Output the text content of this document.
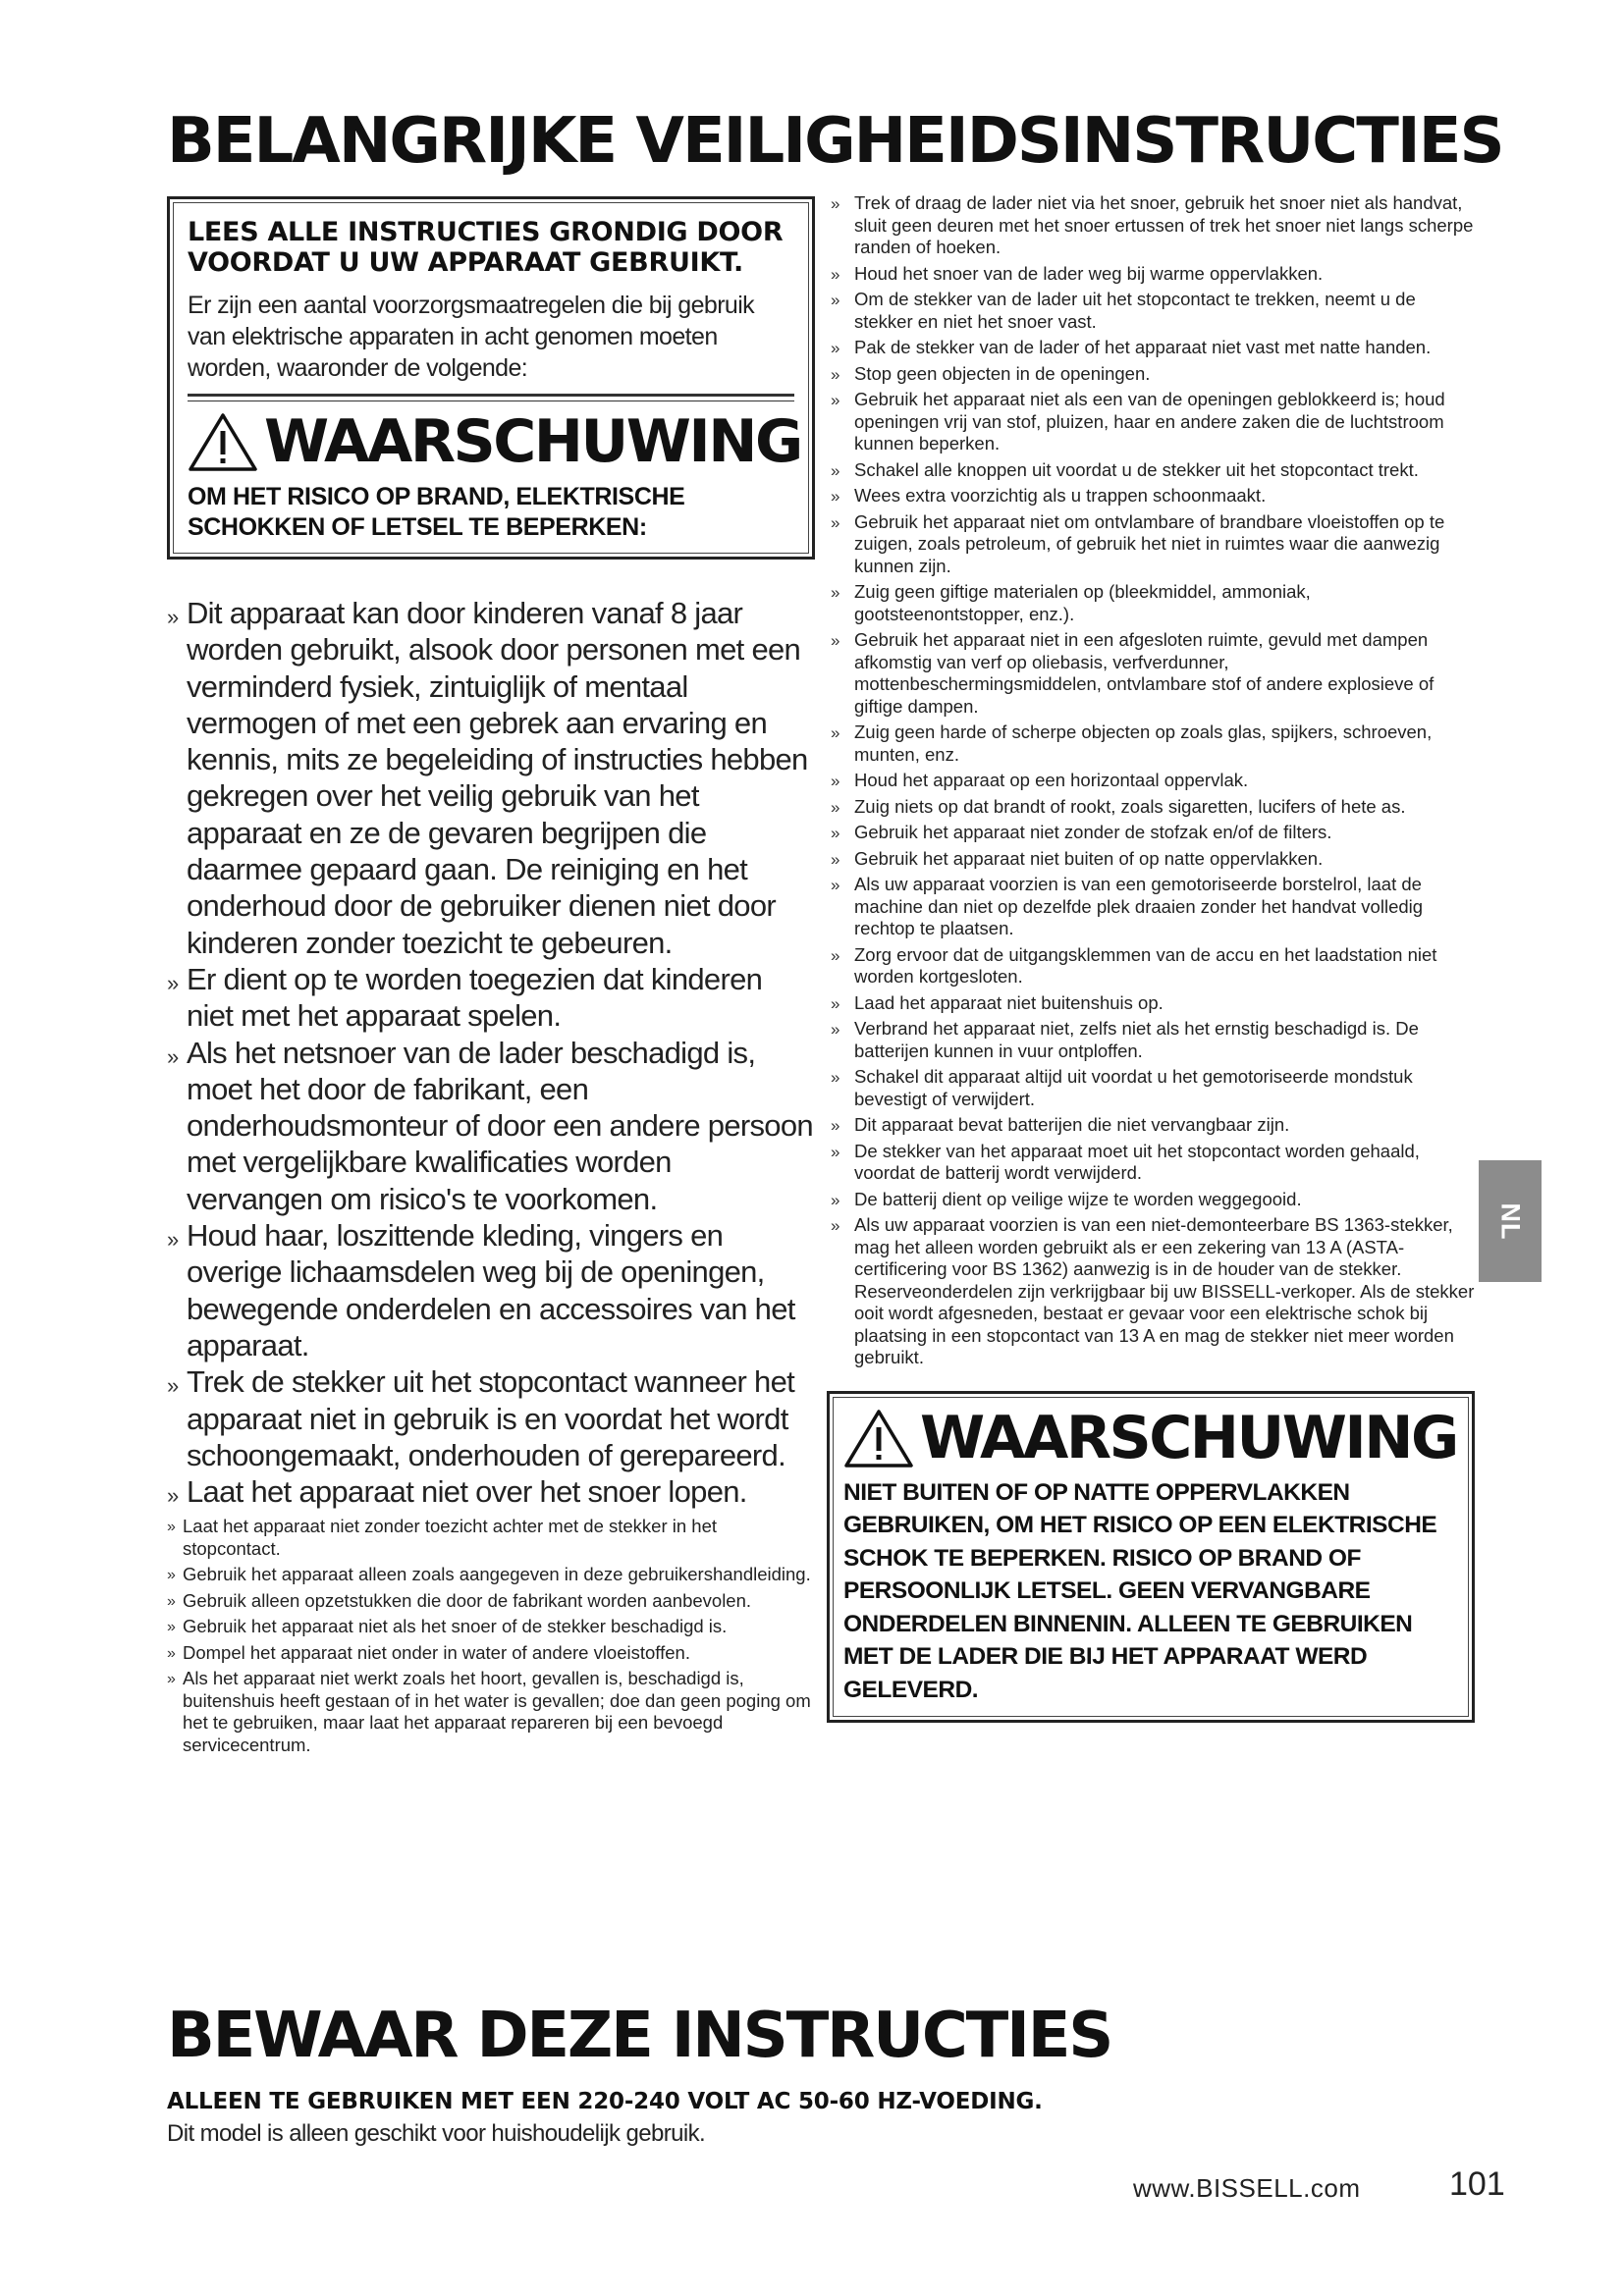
BELANGRIJKE VEILIGHEIDSINSTRUCTIES
LEES ALLE INSTRUCTIES GRONDIG DOOR VOORDAT U UW APPARAAT GEBRUIKT.
Er zijn een aantal voorzorgsmaatregelen die bij gebruik van elektrische apparaten in acht genomen moeten worden, waaronder de volgende:
WAARSCHUWING
OM HET RISICO OP BRAND, ELEKTRISCHE SCHOKKEN OF LETSEL TE BEPERKEN:
» Dit apparaat kan door kinderen vanaf 8 jaar worden gebruikt, alsook door personen met een verminderd fysiek, zintuiglijk of mentaal vermogen of met een gebrek aan ervaring en kennis, mits ze begeleiding of instructies hebben gekregen over het veilig gebruik van het apparaat en ze de gevaren begrijpen die daarmee gepaard gaan. De reiniging en het onderhoud door de gebruiker dienen niet door kinderen zonder toezicht te gebeuren.
» Er dient op te worden toegezien dat kinderen niet met het apparaat spelen.
» Als het netsnoer van de lader beschadigd is, moet het door de fabrikant, een onderhoudsmonteur of door een andere persoon met vergelijkbare kwalificaties worden vervangen om risico's te voorkomen.
» Houd haar, loszittende kleding, vingers en overige lichaamsdelen weg bij de openingen, bewegende onderdelen en accessoires van het apparaat.
» Trek de stekker uit het stopcontact wanneer het apparaat niet in gebruik is en voordat het wordt schoongemaakt, onderhouden of gerepareerd.
» Laat het apparaat niet over het snoer lopen.
» Laat het apparaat niet zonder toezicht achter met de stekker in het stopcontact.
» Gebruik het apparaat alleen zoals aangegeven in deze gebruikershandleiding.
» Gebruik alleen opzetstukken die door de fabrikant worden aanbevolen.
» Gebruik het apparaat niet als het snoer of de stekker beschadigd is.
» Dompel het apparaat niet onder in water of andere vloeistoffen.
» Als het apparaat niet werkt zoals het hoort, gevallen is, beschadigd is, buitenshuis heeft gestaan of in het water is gevallen; doe dan geen poging om het te gebruiken, maar laat het apparaat repareren bij een bevoegd servicecentrum.
» Trek of draag de lader niet via het snoer, gebruik het snoer niet als handvat, sluit geen deuren met het snoer ertussen of trek het snoer niet langs scherpe randen of hoeken.
» Houd het snoer van de lader weg bij warme oppervlakken.
» Om de stekker van de lader uit het stopcontact te trekken, neemt u de stekker en niet het snoer vast.
» Pak de stekker van de lader of het apparaat niet vast met natte handen.
» Stop geen objecten in de openingen.
» Gebruik het apparaat niet als een van de openingen geblokkeerd is; houd openingen vrij van stof, pluizen, haar en andere zaken die de luchtstroom kunnen beperken.
» Schakel alle knoppen uit voordat u de stekker uit het stopcontact trekt.
» Wees extra voorzichtig als u trappen schoonmaakt.
» Gebruik het apparaat niet om ontvlambare of brandbare vloeistoffen op te zuigen, zoals petroleum, of gebruik het niet in ruimtes waar die aanwezig kunnen zijn.
» Zuig geen giftige materialen op (bleekmiddel, ammoniak, gootsteenontstopper, enz.).
» Gebruik het apparaat niet in een afgesloten ruimte, gevuld met dampen afkomstig van verf op oliebasis, verfverdunner, mottenbeschermingsmiddelen, ontvlambare stof of andere explosieve of giftige dampen.
» Zuig geen harde of scherpe objecten op zoals glas, spijkers, schroeven, munten, enz.
» Houd het apparaat op een horizontaal oppervlak.
» Zuig niets op dat brandt of rookt, zoals sigaretten, lucifers of hete as.
» Gebruik het apparaat niet zonder de stofzak en/of de filters.
» Gebruik het apparaat niet buiten of op natte oppervlakken.
» Als uw apparaat voorzien is van een gemotoriseerde borstelrol, laat de machine dan niet op dezelfde plek draaien zonder het handvat volledig rechtop te plaatsen.
» Zorg ervoor dat de uitgangsklemmen van de accu en het laadstation niet worden kortgesloten.
» Laad het apparaat niet buitenshuis op.
» Verbrand het apparaat niet, zelfs niet als het ernstig beschadigd is. De batterijen kunnen in vuur ontploffen.
» Schakel dit apparaat altijd uit voordat u het gemotoriseerde mondstuk bevestigt of verwijdert.
» Dit apparaat bevat batterijen die niet vervangbaar zijn.
» De stekker van het apparaat moet uit het stopcontact worden gehaald, voordat de batterij wordt verwijderd.
» De batterij dient op veilige wijze te worden weggegooid.
» Als uw apparaat voorzien is van een niet-demonteerbare BS 1363-stekker, mag het alleen worden gebruikt als er een zekering van 13 A (ASTA-certificering voor BS 1362) aanwezig is in de houder van de stekker. Reserveonderdelen zijn verkrijgbaar bij uw BISSELL-verkoper. Als de stekker ooit wordt afgesneden, bestaat er gevaar voor een elektrische schok bij plaatsing in een stopcontact van 13 A en mag de stekker niet meer worden gebruikt.
WAARSCHUWING
NIET BUITEN OF OP NATTE OPPERVLAKKEN GEBRUIKEN, OM HET RISICO OP EEN ELEKTRISCHE SCHOK TE BEPERKEN. RISICO OP BRAND OF PERSOONLIJK LETSEL. GEEN VERVANGBARE ONDERDELEN BINNENIN. ALLEEN TE GEBRUIKEN MET DE LADER DIE BIJ HET APPARAAT WERD GELEVERD.
NL
BEWAAR DEZE INSTRUCTIES
ALLEEN TE GEBRUIKEN MET EEN 220-240 VOLT AC 50-60 HZ-VOEDING.
Dit model is alleen geschikt voor huishoudelijk gebruik.
www.BISSELL.com	101
